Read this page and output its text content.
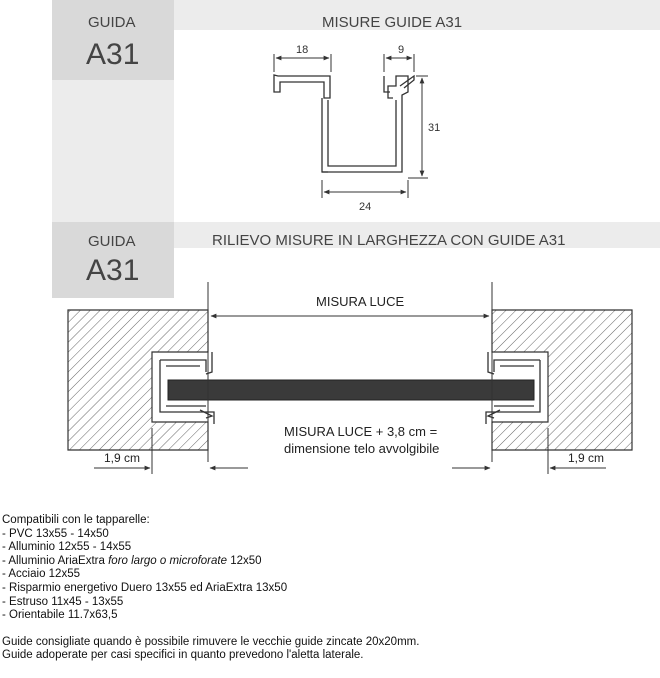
GUIDA
A31
MISURE GUIDE A31
18	9
31
24
GUIDA
A31
RILIEVO MISURE IN LARGHEZZA CON GUIDE A31
MISURA LUCE
MISURA LUCE + 3,8 cm =
dimensione telo avvolgibile
1,9 cm	1,9 cm
Compatibili con le tapparelle:
- PVC 13x55 - 14x50
- Alluminio 12x55 - 14x55
- Alluminio AriaExtra foro largo o microforate 12x50
- Acciaio 12x55
- Risparmio energetivo Duero 13x55 ed AriaExtra 13x50
- Estruso 11x45 - 13x55
- Orientabile 11.7x63,5
Guide consigliate quando è possibile rimuvere le vecchie guide zincate 20x20mm.
Guide adoperate per casi specifici in quanto prevedono l'aletta laterale.
